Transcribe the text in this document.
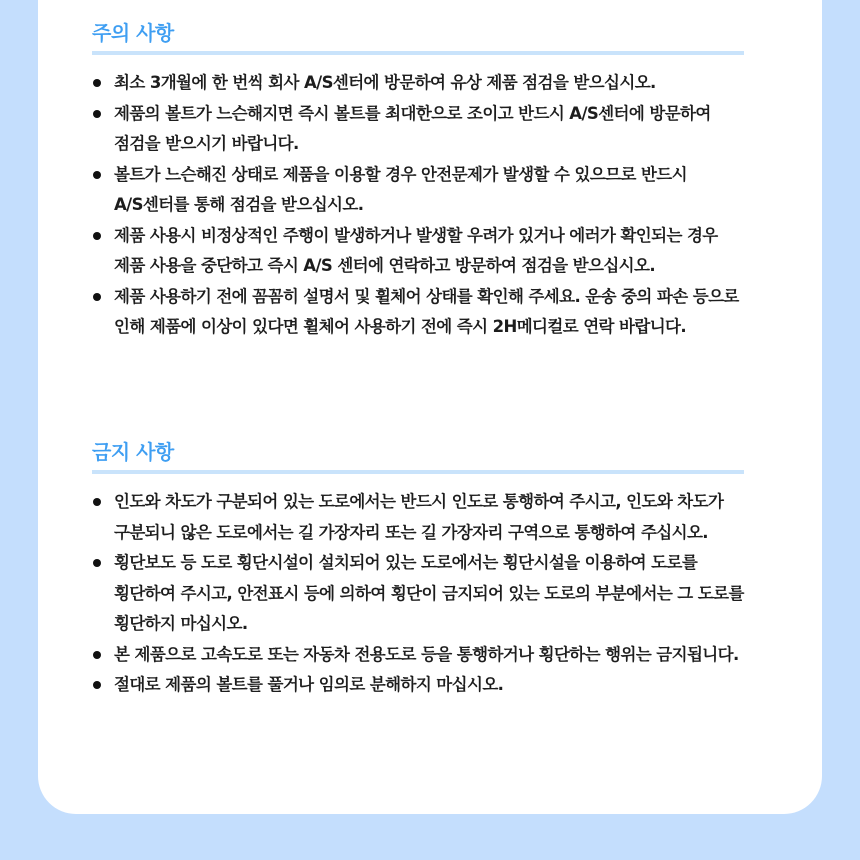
주의 사항
최소 3개월에 한 번씩 회사 A/S센터에 방문하여 유상 제품 점검을 받으십시오.
제품의 볼트가 느슨해지면 즉시 볼트를 최대한으로 조이고 반드시 A/S센터에 방문하여 점검을 받으시기 바랍니다.
볼트가 느슨해진 상태로 제품을 이용할 경우 안전문제가 발생할 수 있으므로 반드시 A/S센터를 통해 점검을 받으십시오.
제품 사용시 비정상적인 주행이 발생하거나 발생할 우려가 있거나 에러가 확인되는 경우 제품 사용을 중단하고 즉시 A/S 센터에 연락하고 방문하여 점검을 받으십시오.
제품 사용하기 전에 꼼꼼히 설명서 및 휠체어 상태를 확인해 주세요. 운송 중의 파손 등으로 인해 제품에 이상이 있다면 휠체어 사용하기 전에 즉시 2H메디컬로 연락 바랍니다.
금지 사항
인도와 차도가 구분되어 있는 도로에서는 반드시 인도로 통행하여 주시고, 인도와 차도가 구분되니 않은 도로에서는 길 가장자리 또는 길 가장자리 구역으로 통행하여 주십시오.
횡단보도 등 도로 횡단시설이 설치되어 있는 도로에서는 횡단시설을 이용하여 도로를 횡단하여 주시고, 안전표시 등에 의하여 횡단이 금지되어 있는 도로의 부분에서는 그 도로를 횡단하지 마십시오.
본 제품으로 고속도로 또는 자동차 전용도로 등을 통행하거나 횡단하는 행위는 금지됩니다.
절대로 제품의 볼트를 풀거나 임의로 분해하지 마십시오.
